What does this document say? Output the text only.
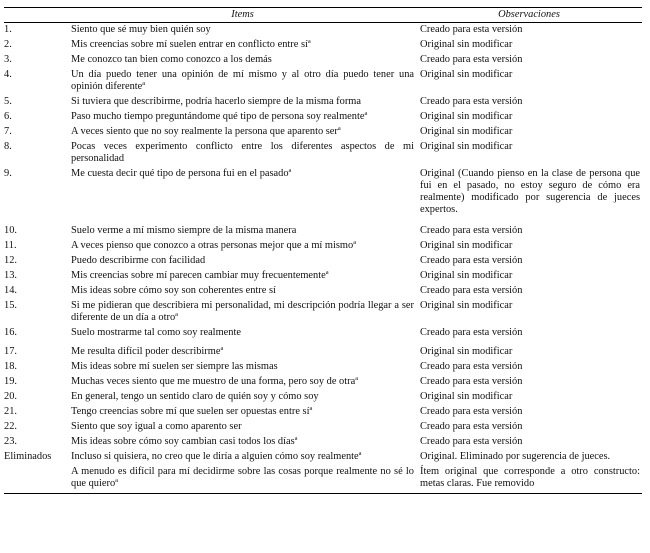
	Items	Observaciones
1.	Siento que sé muy bien quién soy	Creado para esta versión
2.	Mis creencias sobre mí suelen entrar en conflicto entre $sí^a$	Original sin modificar
3.	Me conozco tan bien como conozco a los demás	Creado para esta versión
4.	Un día puedo tener una opinión de mí mismo y al otro día puedo tener una opinión diferente$^a$	Original sin modificar
5.	Si tuviera que describirme, podría hacerlo siempre de la misma forma	Creado para esta versión
6.	Paso mucho tiempo preguntándome qué tipo de persona soy realmente$^a$	Original sin modificar
7.	A veces siento que no soy realmente la persona que aparento ser$^a$	Original sin modificar
8.	Pocas veces experimento conflicto entre los diferentes aspectos de mi personalidad	Original sin modificar
9.	Me cuesta decir qué tipo de persona fui en el pasado$^a$	Original (Cuando pienso en la clase de persona que fui en el pasado, no estoy seguro de cómo era realmente) modificado por sugerencia de jueces expertos.
10.	Suelo verme a mí mismo siempre de la misma manera	Creado para esta versión
11.	A veces pienso que conozco a otras personas mejor que a mí mismo$^a$	Original sin modificar
12.	Puedo describirme con facilidad	Creado para esta versión
13.	Mis creencias sobre mí parecen cambiar muy frecuentemente$^a$	Original sin modificar
14.	Mis ideas sobre cómo soy son coherentes entre sí	Creado para esta versión
15.	Si me pidieran que describiera mi personalidad, mi descripción podría llegar a ser diferente de un día a otro$^a$	Original sin modificar
16.	Suelo mostrarme tal como soy realmente	Creado para esta versión
17.	Me resulta difícil poder describirme$^a$	Original sin modificar
18.	Mis ideas sobre mí suelen ser siempre las mismas	Creado para esta versión
19.	Muchas veces siento que me muestro de una forma, pero soy de otra$^a$	Creado para esta versión
20.	En general, tengo un sentido claro de quién soy y cómo soy	Original sin modificar
21.	Tengo creencias sobre mí que suelen ser opuestas entre $sí^a$	Creado para esta versión
22.	Siento que soy igual a como aparento ser	Creado para esta versión
23.	Mis ideas sobre cómo soy cambian casi todos los días$^a$	Creado para esta versión
Eliminados	Incluso si quisiera, no creo que le diría a alguien cómo soy realmente$^a$	Original. Eliminado por sugerencia de jueces.
	A menudo es difícil para mí decidirme sobre las cosas porque realmente no sé lo que quiero$^a$	Ítem original que corresponde a otro constructo: metas claras. Fue removido
